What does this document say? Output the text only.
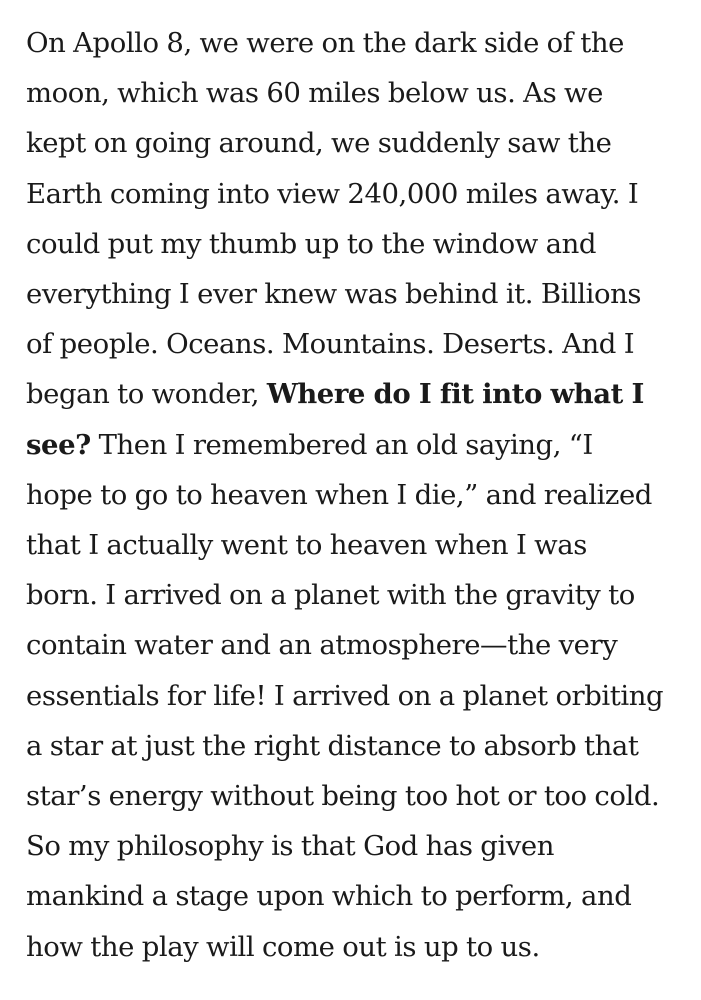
On Apollo 8, we were on the dark side of the
moon, which was 60 miles below us. As we
kept on going around, we suddenly saw the
Earth coming into view 240,000 miles away. I
could put my thumb up to the window and
everything I ever knew was behind it. Billions
of people. Oceans. Mountains. Deserts. And I
began to wonder, Where do I fit into what I
see? Then I remembered an old saying, “I
hope to go to heaven when I die,” and realized
that I actually went to heaven when I was
born. I arrived on a planet with the gravity to
contain water and an atmosphere—the very
essentials for life! I arrived on a planet orbiting
a star at just the right distance to absorb that
star’s energy without being too hot or too cold.
So my philosophy is that God has given
mankind a stage upon which to perform, and
how the play will come out is up to us.
